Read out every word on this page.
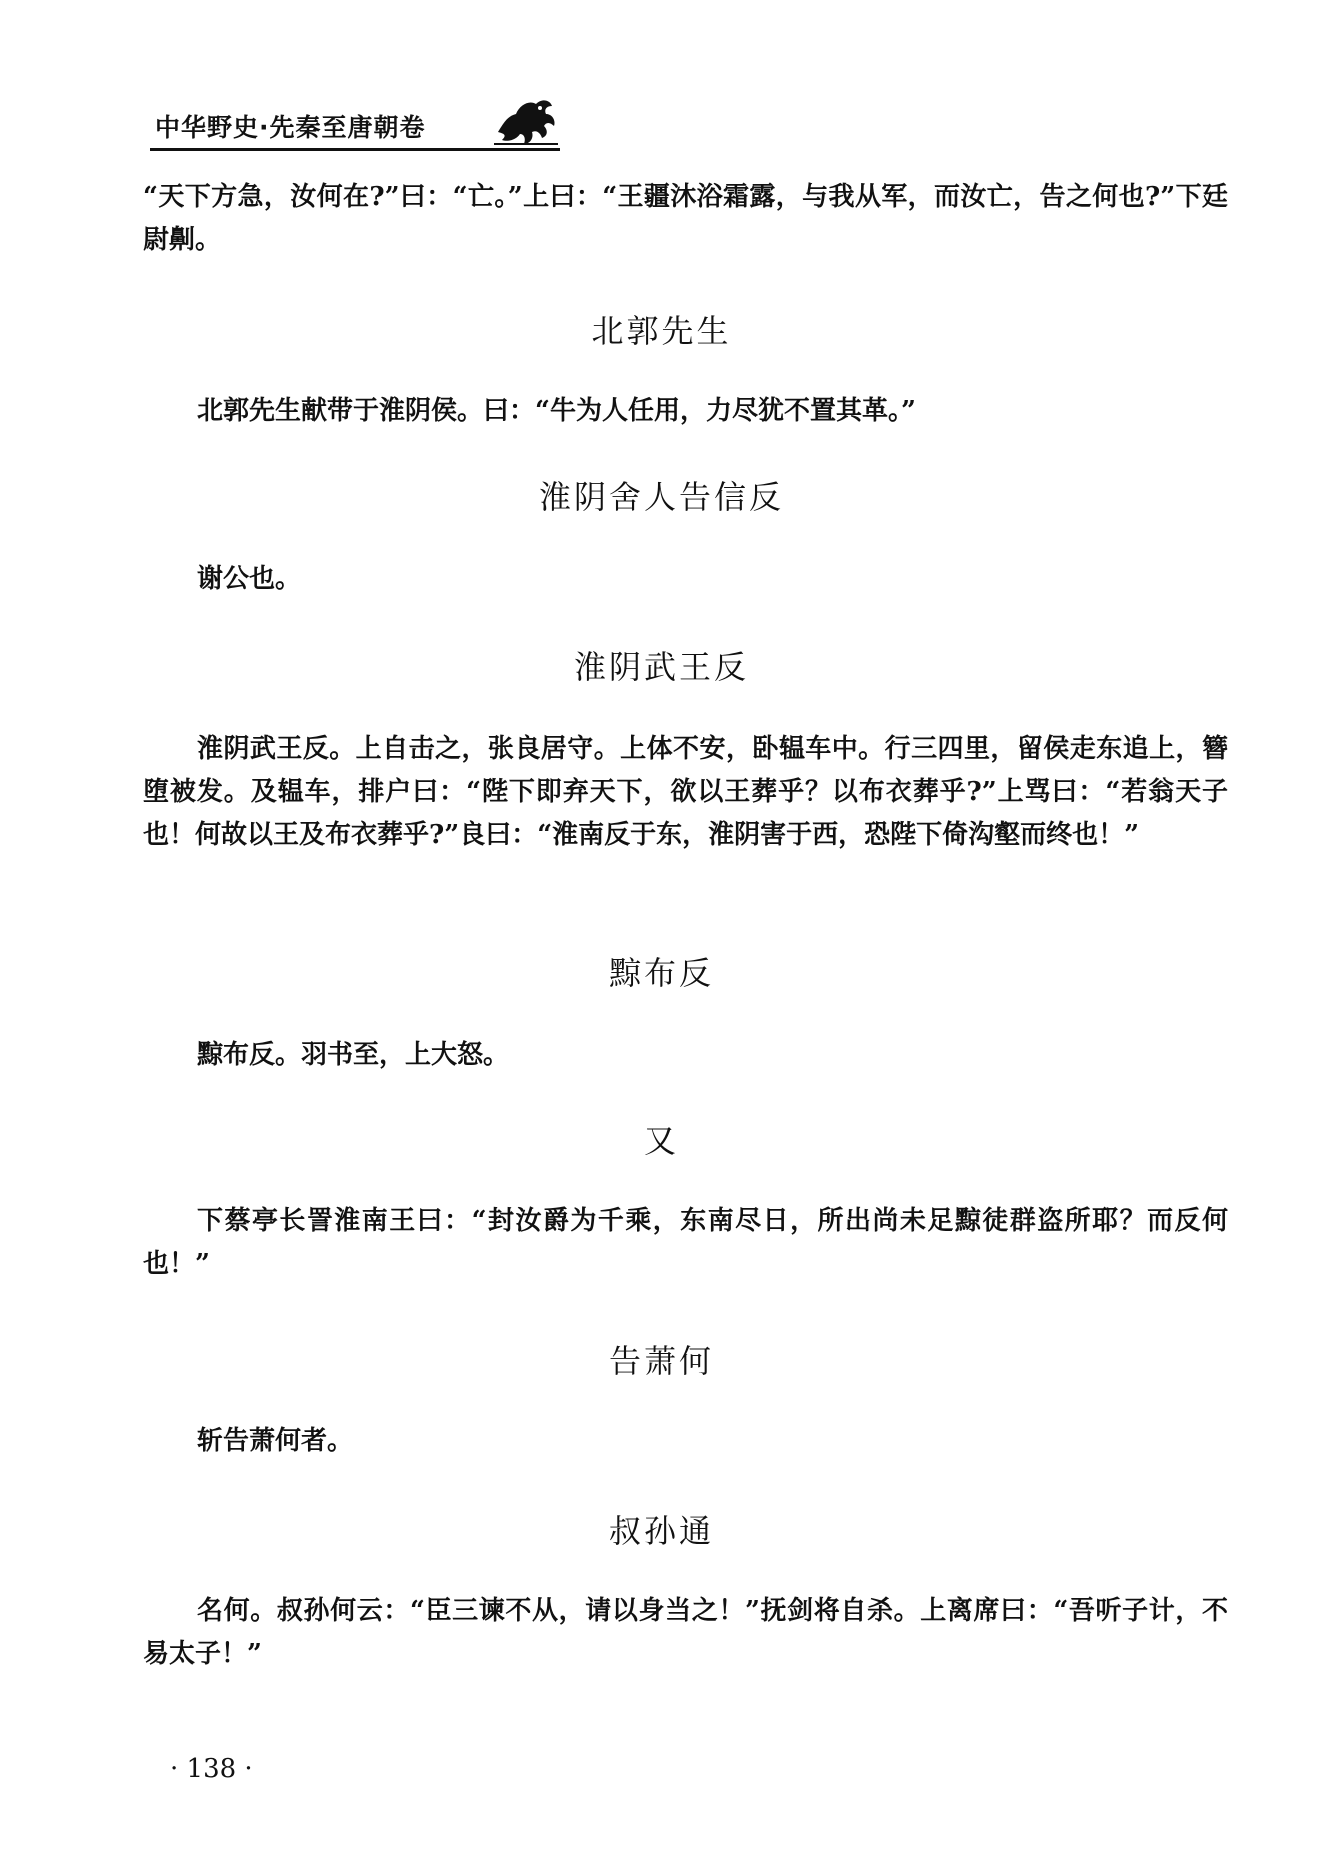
中华野史·先秦至唐朝卷
“天下方急，汝何在?”曰：“亡。”上曰：“王疆沐浴霜露，与我从军，而汝亡，告之何也?”下廷尉劓。
北郭先生
北郭先生献带于淮阴侯。曰：“牛为人任用，力尽犹不置其革。”
淮阴舍人告信反
谢公也。
淮阴武王反
淮阴武王反。上自击之，张良居守。上体不安，卧辒车中。行三四里，留侯走东追上，簪堕被发。及辒车，排户曰：“陛下即弃天下，欲以王葬乎？以布衣葬乎?”上骂曰：“若翁天子也！何故以王及布衣葬乎?”良曰：“淮南反于东，淮阴害于西，恐陛下倚沟壑而终也！”
黥布反
黥布反。羽书至，上大怒。
又
下蔡亭长詈淮南王曰：“封汝爵为千乘，东南尽日，所出尚未足黥徒群盗所耶？而反何也！”
告萧何
斩告萧何者。
叔孙通
名何。叔孙何云：“臣三谏不从，请以身当之！”抚剑将自杀。上离席曰：“吾听子计，不易太子！”
· 138 ·
